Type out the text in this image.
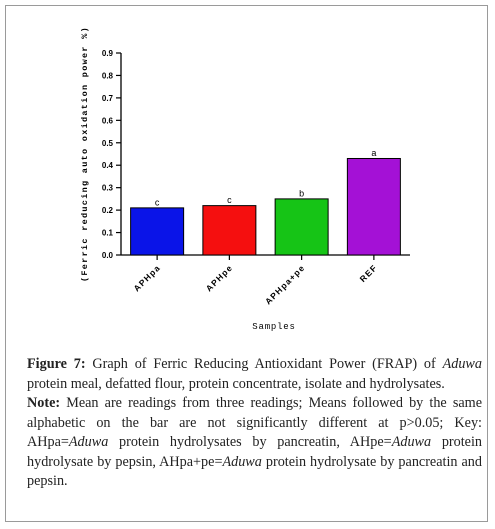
0.0
0.1
0.2
0.3
0.4
0.5
0.6
0.7
0.8
0.9
APHpa	APHpe	APHpa+pe	REF
c	c
b
a
(Ferric reducing auto oxidation power %)
Samples

Figure 7: Graph of Ferric Reducing Antioxidant Power (FRAP) of Aduwa protein meal, defatted flour, protein concentrate, isolate and hydrolysates.

Note: Mean are readings from three readings; Means followed by the same alphabetic on the bar are not significantly different at p>0.05; Key: AHpa=Aduwa protein hydrolysates by pancreatin, AHpe=Aduwa protein hydrolysate by pepsin, AHpa+pe=Aduwa protein hydrolysate by pancreatin and pepsin.
